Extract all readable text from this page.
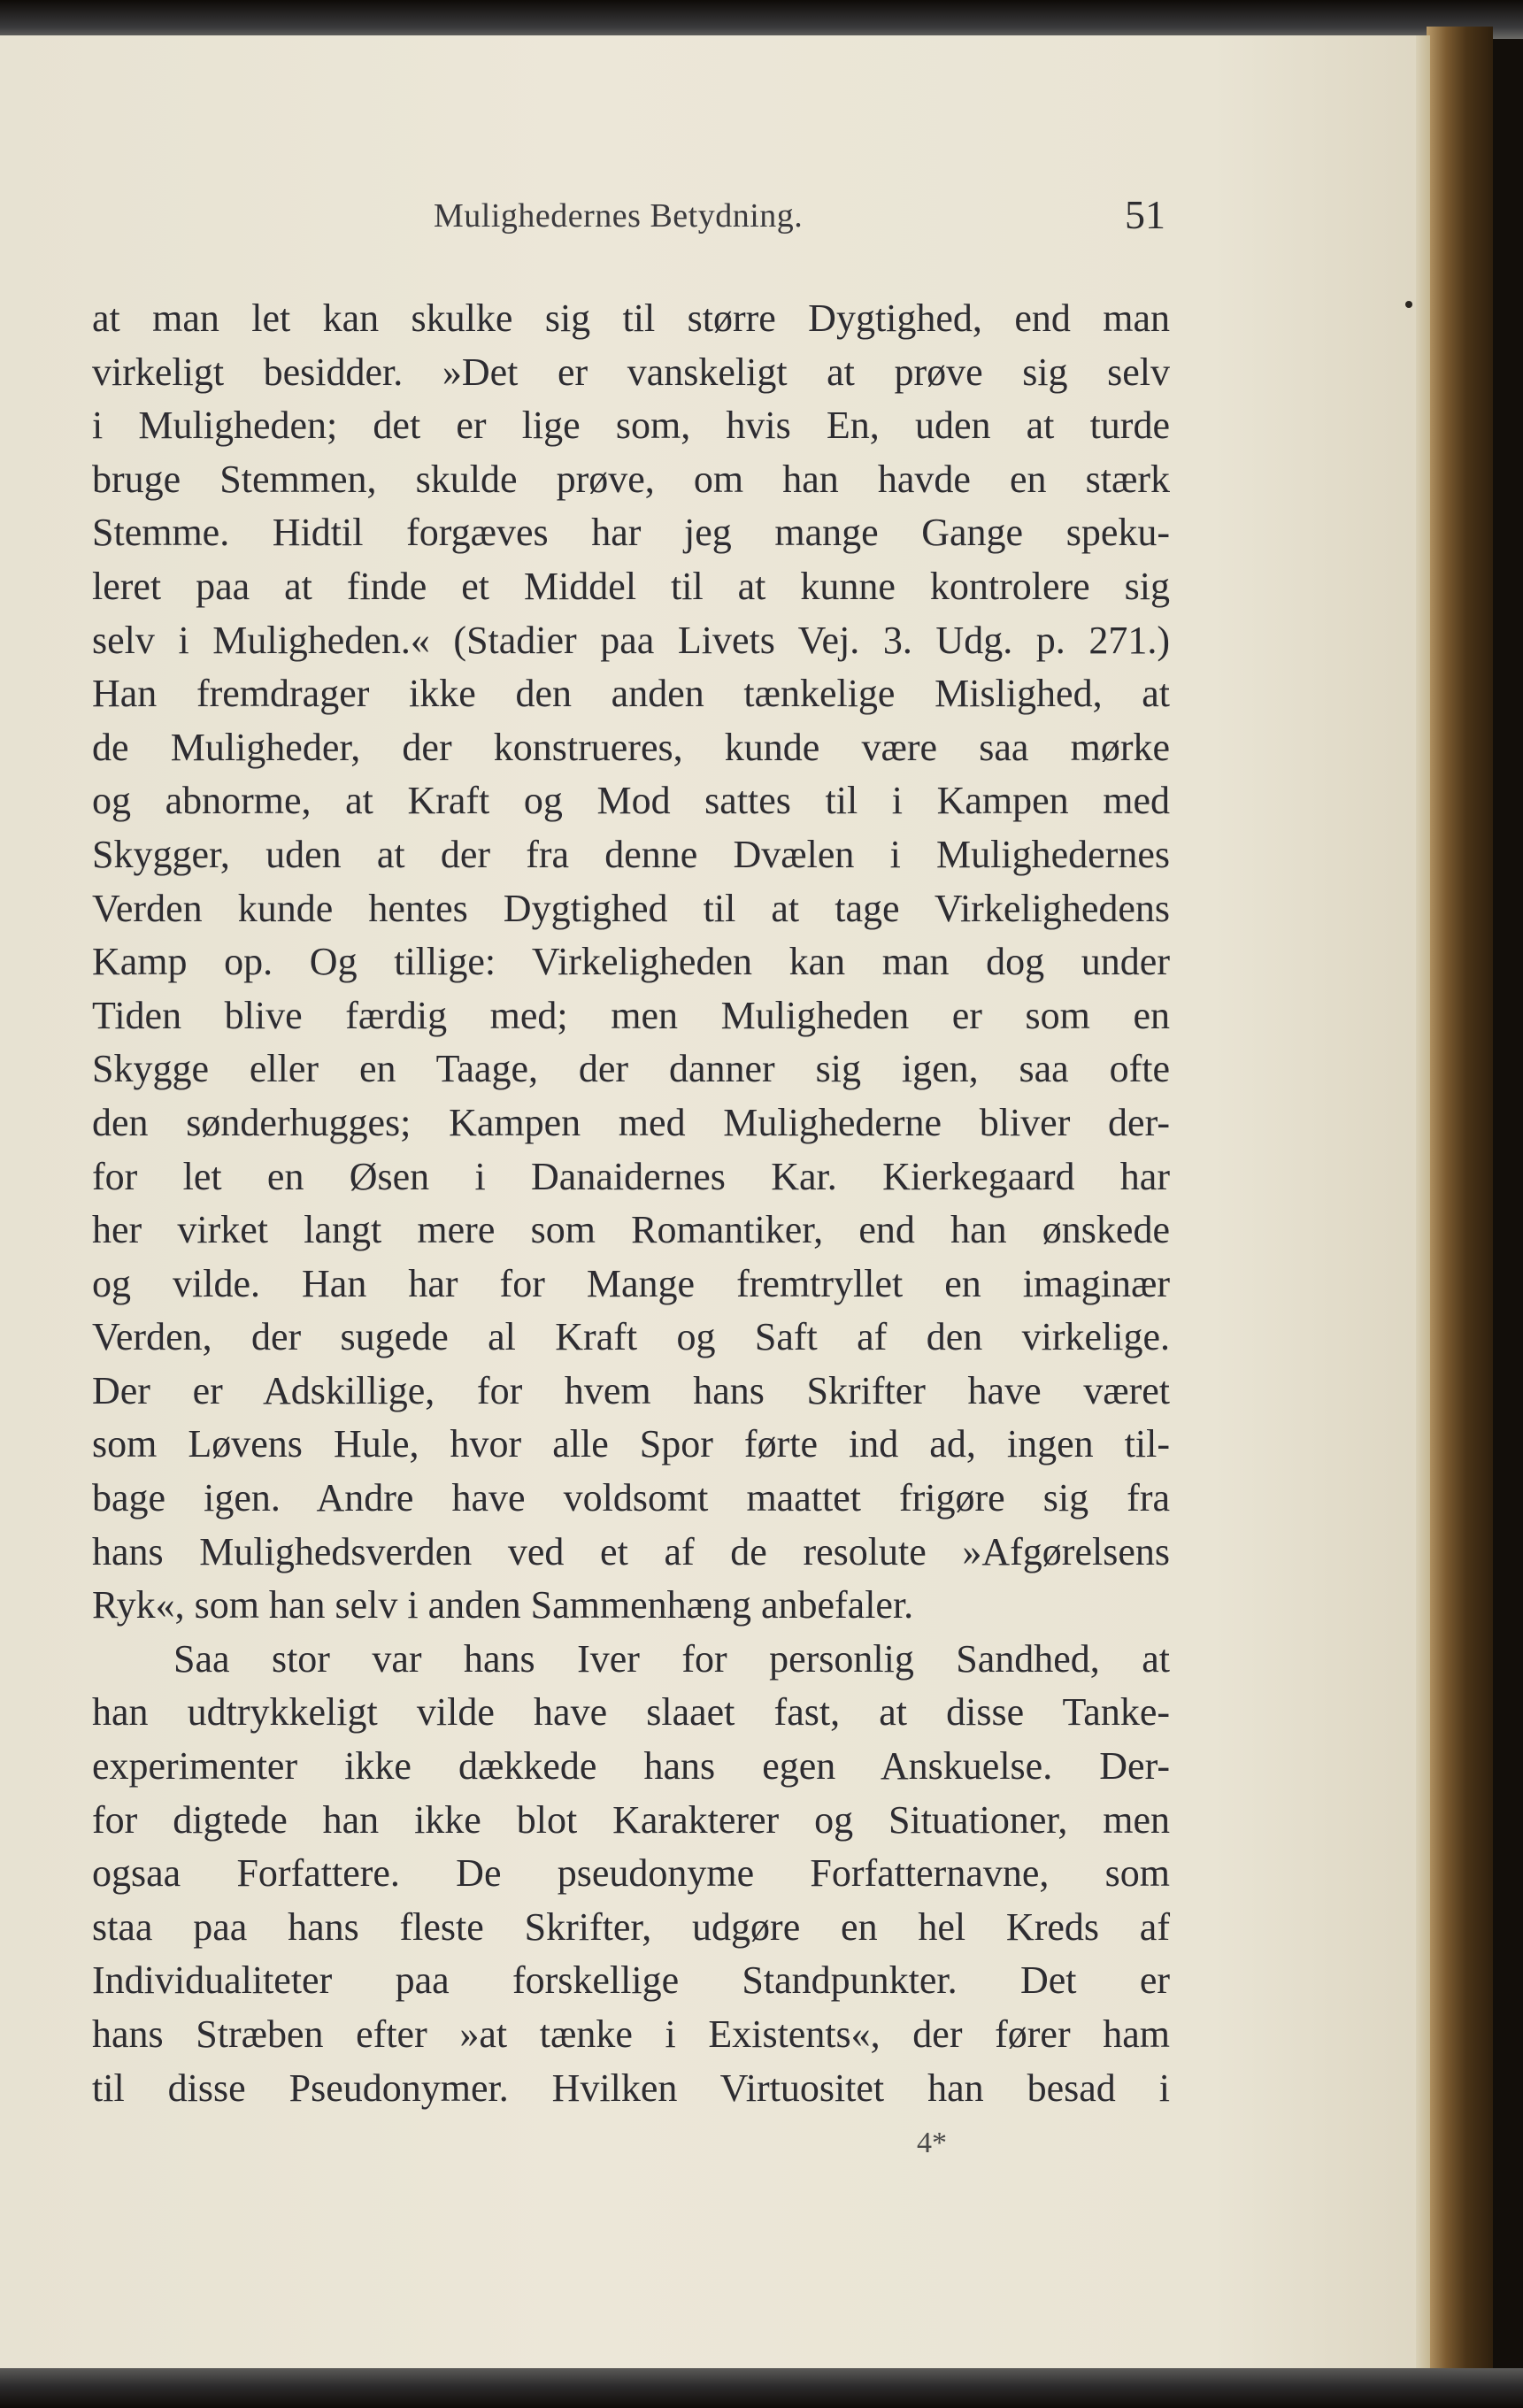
Mulighedernes Betydning.	51
at man let kan skulke sig til større Dygtighed, end man
virkeligt besidder. »Det er vanskeligt at prøve sig selv
i Muligheden; det er lige som, hvis En, uden at turde
bruge Stemmen, skulde prøve, om han havde en stærk
Stemme. Hidtil forgæves har jeg mange Gange speku-
leret paa at finde et Middel til at kunne kontrolere sig
selv i Muligheden.« (Stadier paa Livets Vej. 3. Udg. p. 271.)
Han fremdrager ikke den anden tænkelige Mislighed, at
de Muligheder, der konstrueres, kunde være saa mørke
og abnorme, at Kraft og Mod sattes til i Kampen med
Skygger, uden at der fra denne Dvælen i Mulighedernes
Verden kunde hentes Dygtighed til at tage Virkelighedens
Kamp op. Og tillige: Virkeligheden kan man dog under
Tiden blive færdig med; men Muligheden er som en
Skygge eller en Taage, der danner sig igen, saa ofte
den sønderhugges; Kampen med Mulighederne bliver der-
for let en Øsen i Danaidernes Kar. Kierkegaard har
her virket langt mere som Romantiker, end han ønskede
og vilde. Han har for Mange fremtryllet en imaginær
Verden, der sugede al Kraft og Saft af den virkelige.
Der er Adskillige, for hvem hans Skrifter have været
som Løvens Hule, hvor alle Spor førte ind ad, ingen til-
bage igen. Andre have voldsomt maattet frigøre sig fra
hans Mulighedsverden ved et af de resolute »Afgørelsens
Ryk«, som han selv i anden Sammenhæng anbefaler.
Saa stor var hans Iver for personlig Sandhed, at
han udtrykkeligt vilde have slaaet fast, at disse Tanke-
experimenter ikke dækkede hans egen Anskuelse. Der-
for digtede han ikke blot Karakterer og Situationer, men
ogsaa Forfattere. De pseudonyme Forfatternavne, som
staa paa hans fleste Skrifter, udgøre en hel Kreds af
Individualiteter paa forskellige Standpunkter. Det er
hans Stræben efter »at tænke i Existents«, der fører ham
til disse Pseudonymer. Hvilken Virtuositet han besad i
4*
